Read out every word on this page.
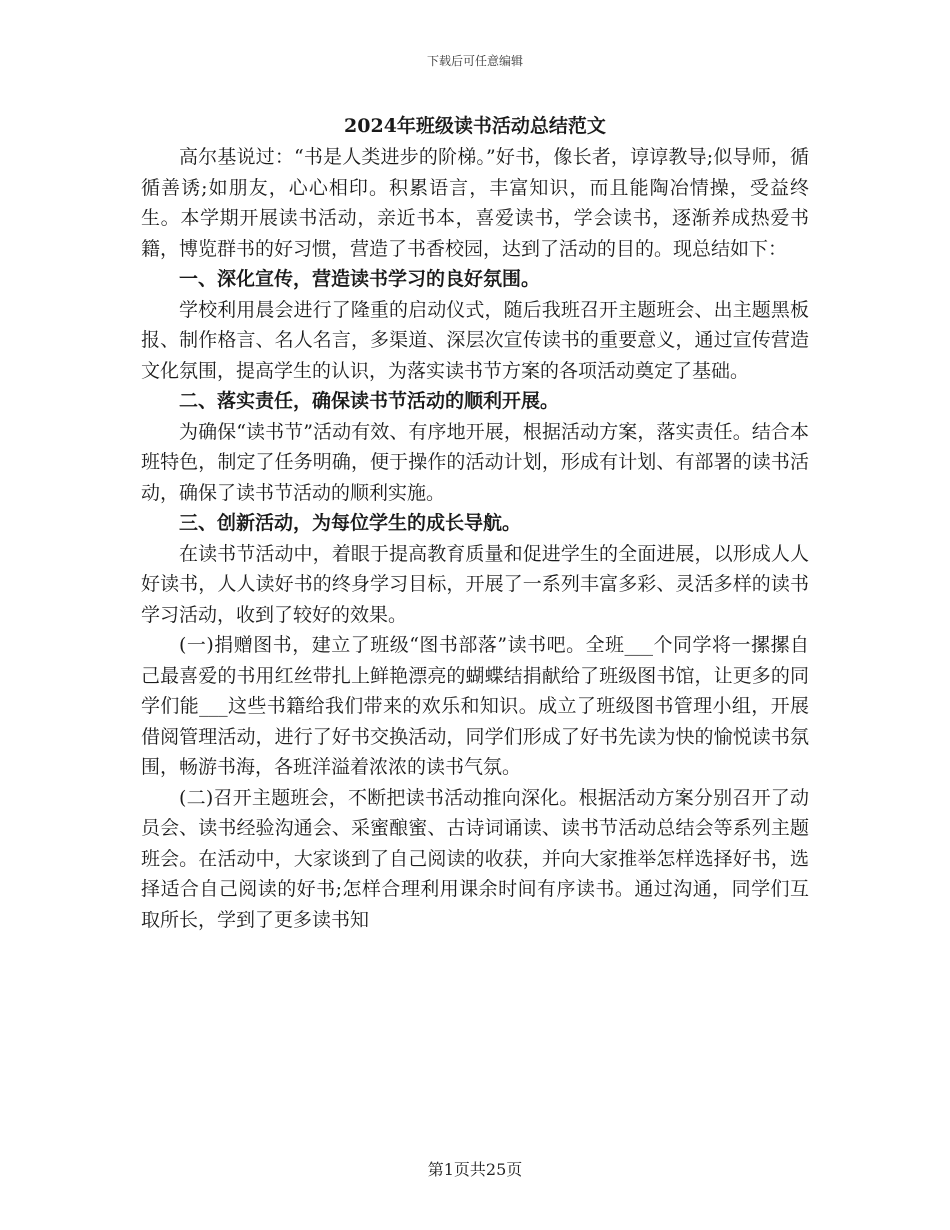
下载后可任意编辑
2024年班级读书活动总结范文

高尔基说过：“书是人类进步的阶梯。”好书，像长者，谆谆教导;似导师，循循善诱;如朋友，心心相印。积累语言，丰富知识，而且能陶冶情操，受益终生。本学期开展读书活动，亲近书本，喜爱读书，学会读书，逐渐养成热爱书籍，博览群书的好习惯，营造了书香校园，达到了活动的目的。现总结如下：

一、深化宣传，营造读书学习的良好氛围。

学校利用晨会进行了隆重的启动仪式，随后我班召开主题班会、出主题黑板报、制作格言、名人名言，多渠道、深层次宣传读书的重要意义，通过宣传营造文化氛围，提高学生的认识，为落实读书节方案的各项活动奠定了基础。

二、落实责任，确保读书节活动的顺利开展。

为确保“读书节”活动有效、有序地开展，根据活动方案，落实责任。结合本班特色，制定了任务明确，便于操作的活动计划，形成有计划、有部署的读书活动，确保了读书节活动的顺利实施。

三、创新活动，为每位学生的成长导航。

在读书节活动中，着眼于提高教育质量和促进学生的全面进展，以形成人人好读书，人人读好书的终身学习目标，开展了一系列丰富多彩、灵活多样的读书学习活动，收到了较好的效果。

(一)捐赠图书，建立了班级“图书部落”读书吧。全班___个同学将一摞摞自己最喜爱的书用红丝带扎上鲜艳漂亮的蝴蝶结捐献给了班级图书馆，让更多的同学们能___这些书籍给我们带来的欢乐和知识。成立了班级图书管理小组，开展借阅管理活动，进行了好书交换活动，同学们形成了好书先读为快的愉悦读书氛围，畅游书海，各班洋溢着浓浓的读书气氛。

(二)召开主题班会，不断把读书活动推向深化。根据活动方案分别召开了动员会、读书经验沟通会、采蜜酿蜜、古诗词诵读、读书节活动总结会等系列主题班会。在活动中，大家谈到了自己阅读的收获，并向大家推举怎样选择好书，选择适合自己阅读的好书;怎样合理利用课余时间有序读书。通过沟通，同学们互取所长，学到了更多读书知

第1页共25页
